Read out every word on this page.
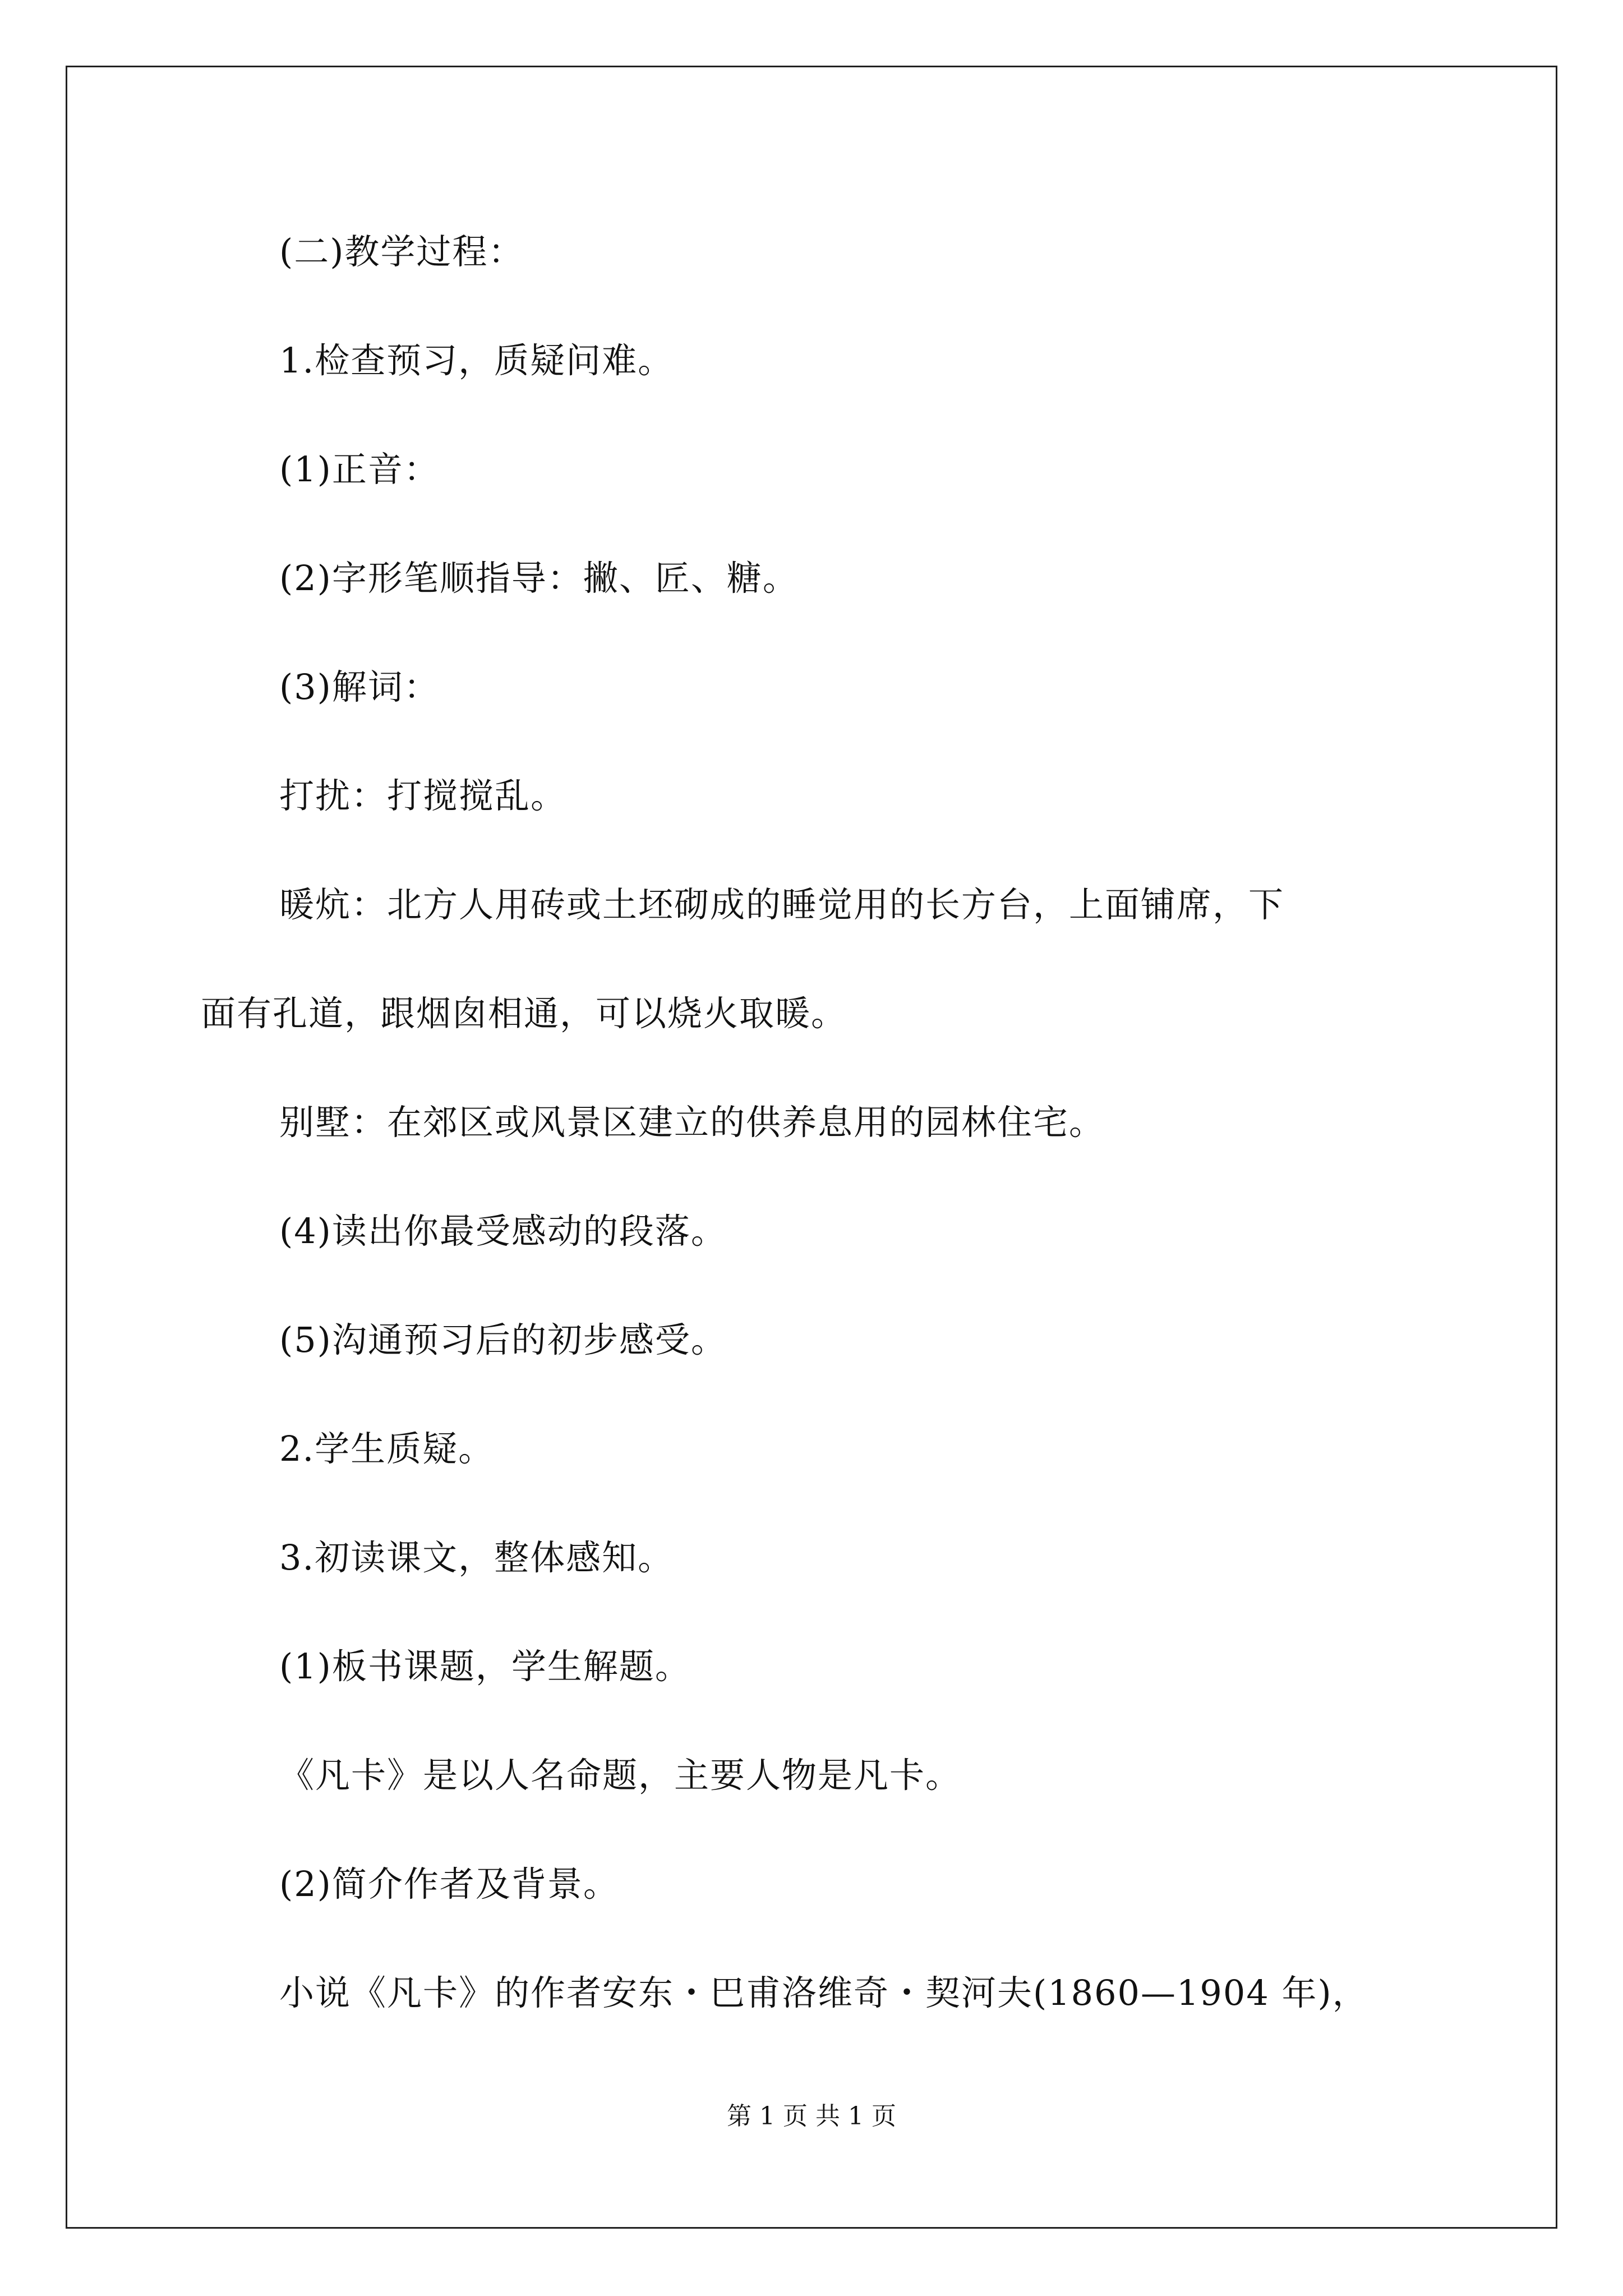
(二)教学过程：
1.检查预习，质疑问难。
(1)正音：
(2)字形笔顺指导：撇、匠、糖。
(3)解词：
打扰：打搅搅乱。
暖炕：北方人用砖或土坯砌成的睡觉用的长方台，上面铺席，下
面有孔道，跟烟囱相通，可以烧火取暖。
别墅：在郊区或风景区建立的供养息用的园林住宅。
(4)读出你最受感动的段落。
(5)沟通预习后的初步感受。
2.学生质疑。
3.初读课文，整体感知。
(1)板书课题，学生解题。
《凡卡》是以人名命题，主要人物是凡卡。
(2)简介作者及背景。
小说《凡卡》的作者安东・巴甫洛维奇・契河夫(1860—1904 年)，
第 1 页 共 1 页
